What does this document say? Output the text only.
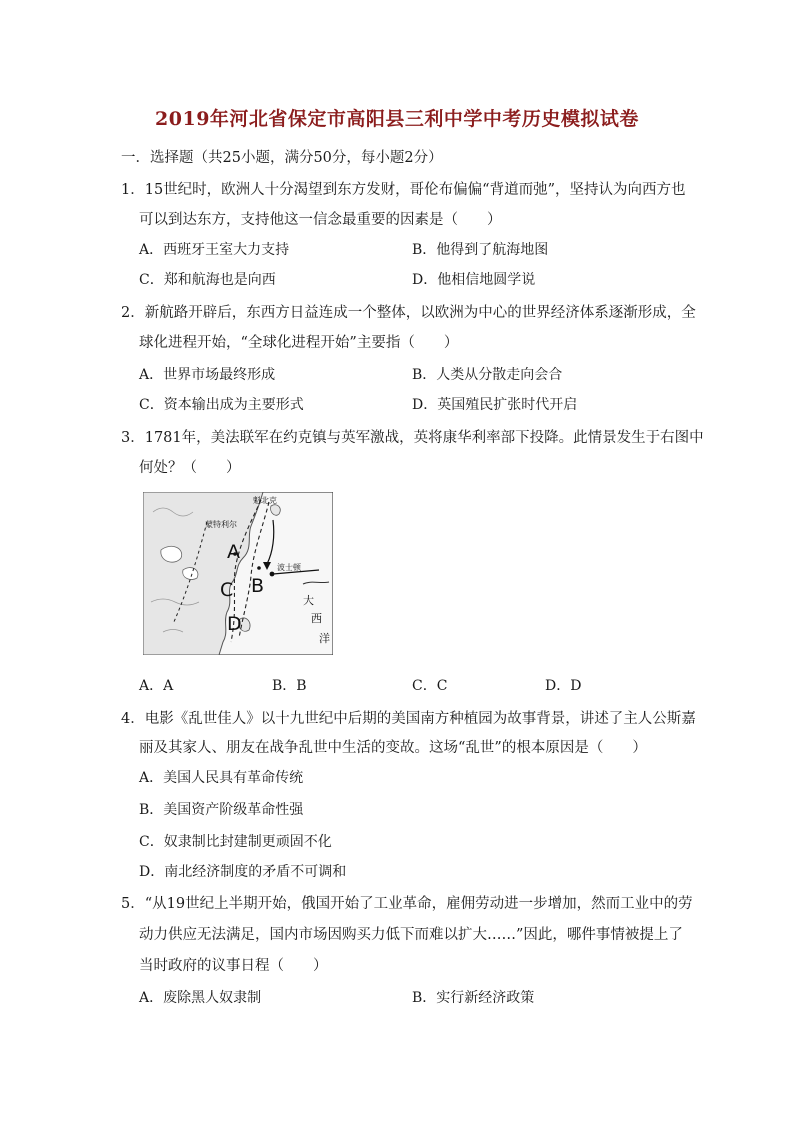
2019年河北省保定市高阳县三利中学中考历史模拟试卷
一．选择题（共25小题，满分50分，每小题2分）
1．15世纪时，欧洲人十分渴望到东方发财，哥伦布偏偏“背道而弛”，坚持认为向西方也
可以到达东方，支持他这一信念最重要的因素是（　　）
A．西班牙王室大力支持	B．他得到了航海地图
C．郑和航海也是向西	D．他相信地圆学说
2．新航路开辟后，东西方日益连成一个整体，以欧洲为中心的世界经济体系逐渐形成，全
球化进程开始，“全球化进程开始”主要指（　　）
A．世界市场最终形成	B．人类从分散走向会合
C．资本输出成为主要形式	D．英国殖民扩张时代开启
3．1781年，美法联军在约克镇与英军激战，英将康华利率部下投降。此情景发生于右图中
何处？（　　）
魁北克
蒙特利尔
波士顿
大
西
洋
A
B
C
D
A．A	B．B	C．C	D．D
4．电影《乱世佳人》以十九世纪中后期的美国南方种植园为故事背景，讲述了主人公斯嘉
丽及其家人、朋友在战争乱世中生活的变故。这场“乱世”的根本原因是（　　）
A．美国人民具有革命传统
B．美国资产阶级革命性强
C．奴隶制比封建制更顽固不化
D．南北经济制度的矛盾不可调和
5．“从19世纪上半期开始，俄国开始了工业革命，雇佣劳动进一步增加，然而工业中的劳
动力供应无法满足，国内市场因购买力低下而难以扩大……”因此，哪件事情被提上了
当时政府的议事日程（　　）
A．废除黑人奴隶制	B．实行新经济政策
